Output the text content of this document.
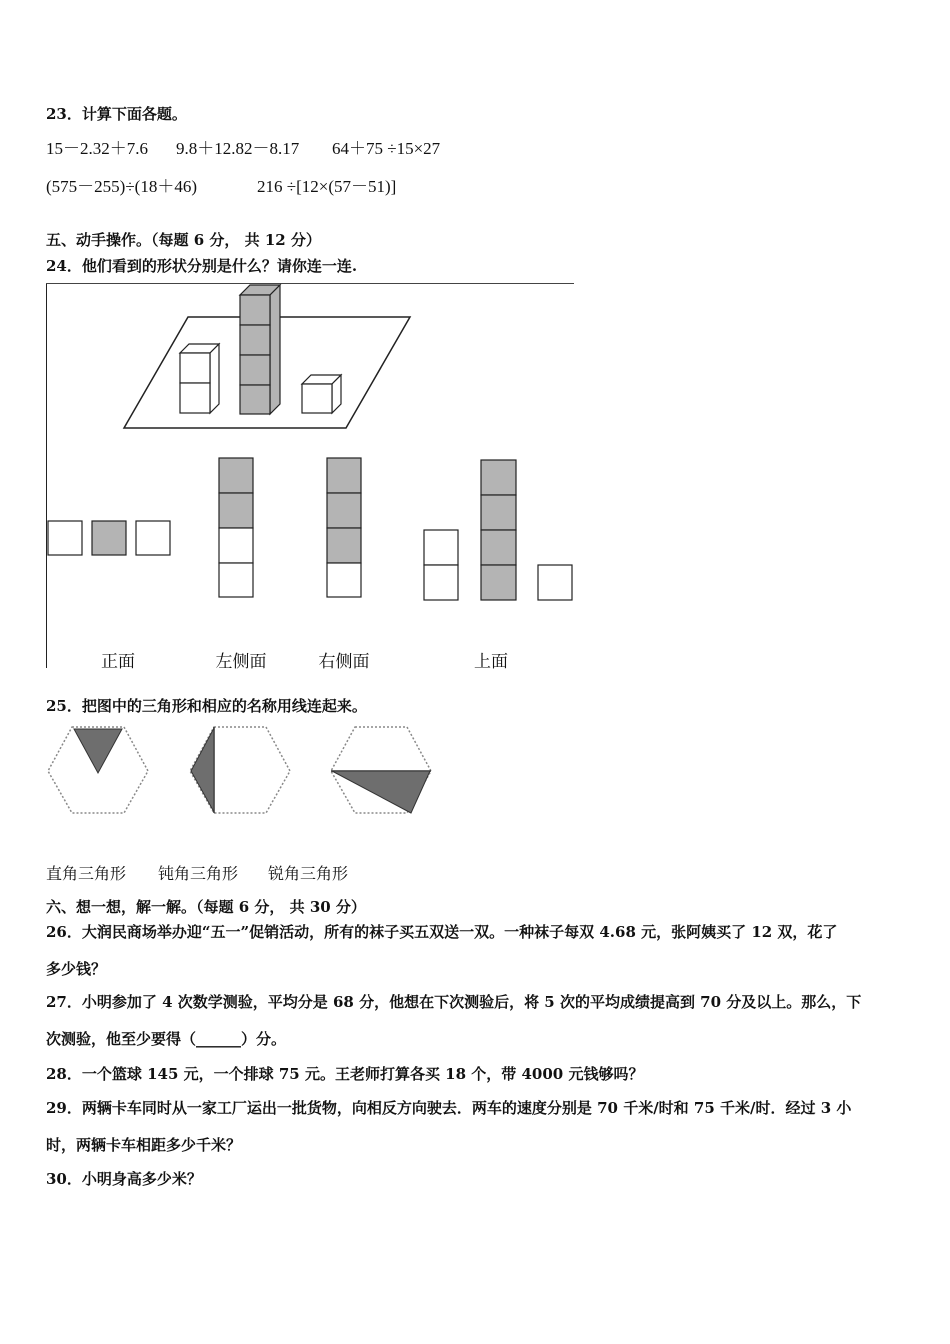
23．计算下面各题。
15－2.32＋7.6 9.8＋12.82－8.17 64＋75 ÷15×27
(575－255)÷(18＋46)	216 ÷[12×(57－51)]
五、动手操作。（每题 6 分， 共 12 分）
24．他们看到的形状分别是什么？请你连一连.
正面	左侧面	右侧面	上面
25．把图中的三角形和相应的名称用线连起来。
直角三角形 钝角三角形 锐角三角形
六、想一想，解一解。（每题 6 分， 共 30 分）
26．大润民商场举办迎“五一”促销活动，所有的袜子买五双送一双。一种袜子每双 4.68 元，张阿姨买了 12 双，花了
多少钱？
27．小明参加了 4 次数学测验，平均分是 68 分，他想在下次测验后，将 5 次的平均成绩提高到 70 分及以上。那么，下
次测验，他至少要得（______）分。
28．一个篮球 145 元，一个排球 75 元。王老师打算各买 18 个，带 4000 元钱够吗？
29．两辆卡车同时从一家工厂运出一批货物，向相反方向驶去．两车的速度分别是 70 千米/时和 75 千米/时．经过 3 小
时，两辆卡车相距多少千米？
30．小明身高多少米？
